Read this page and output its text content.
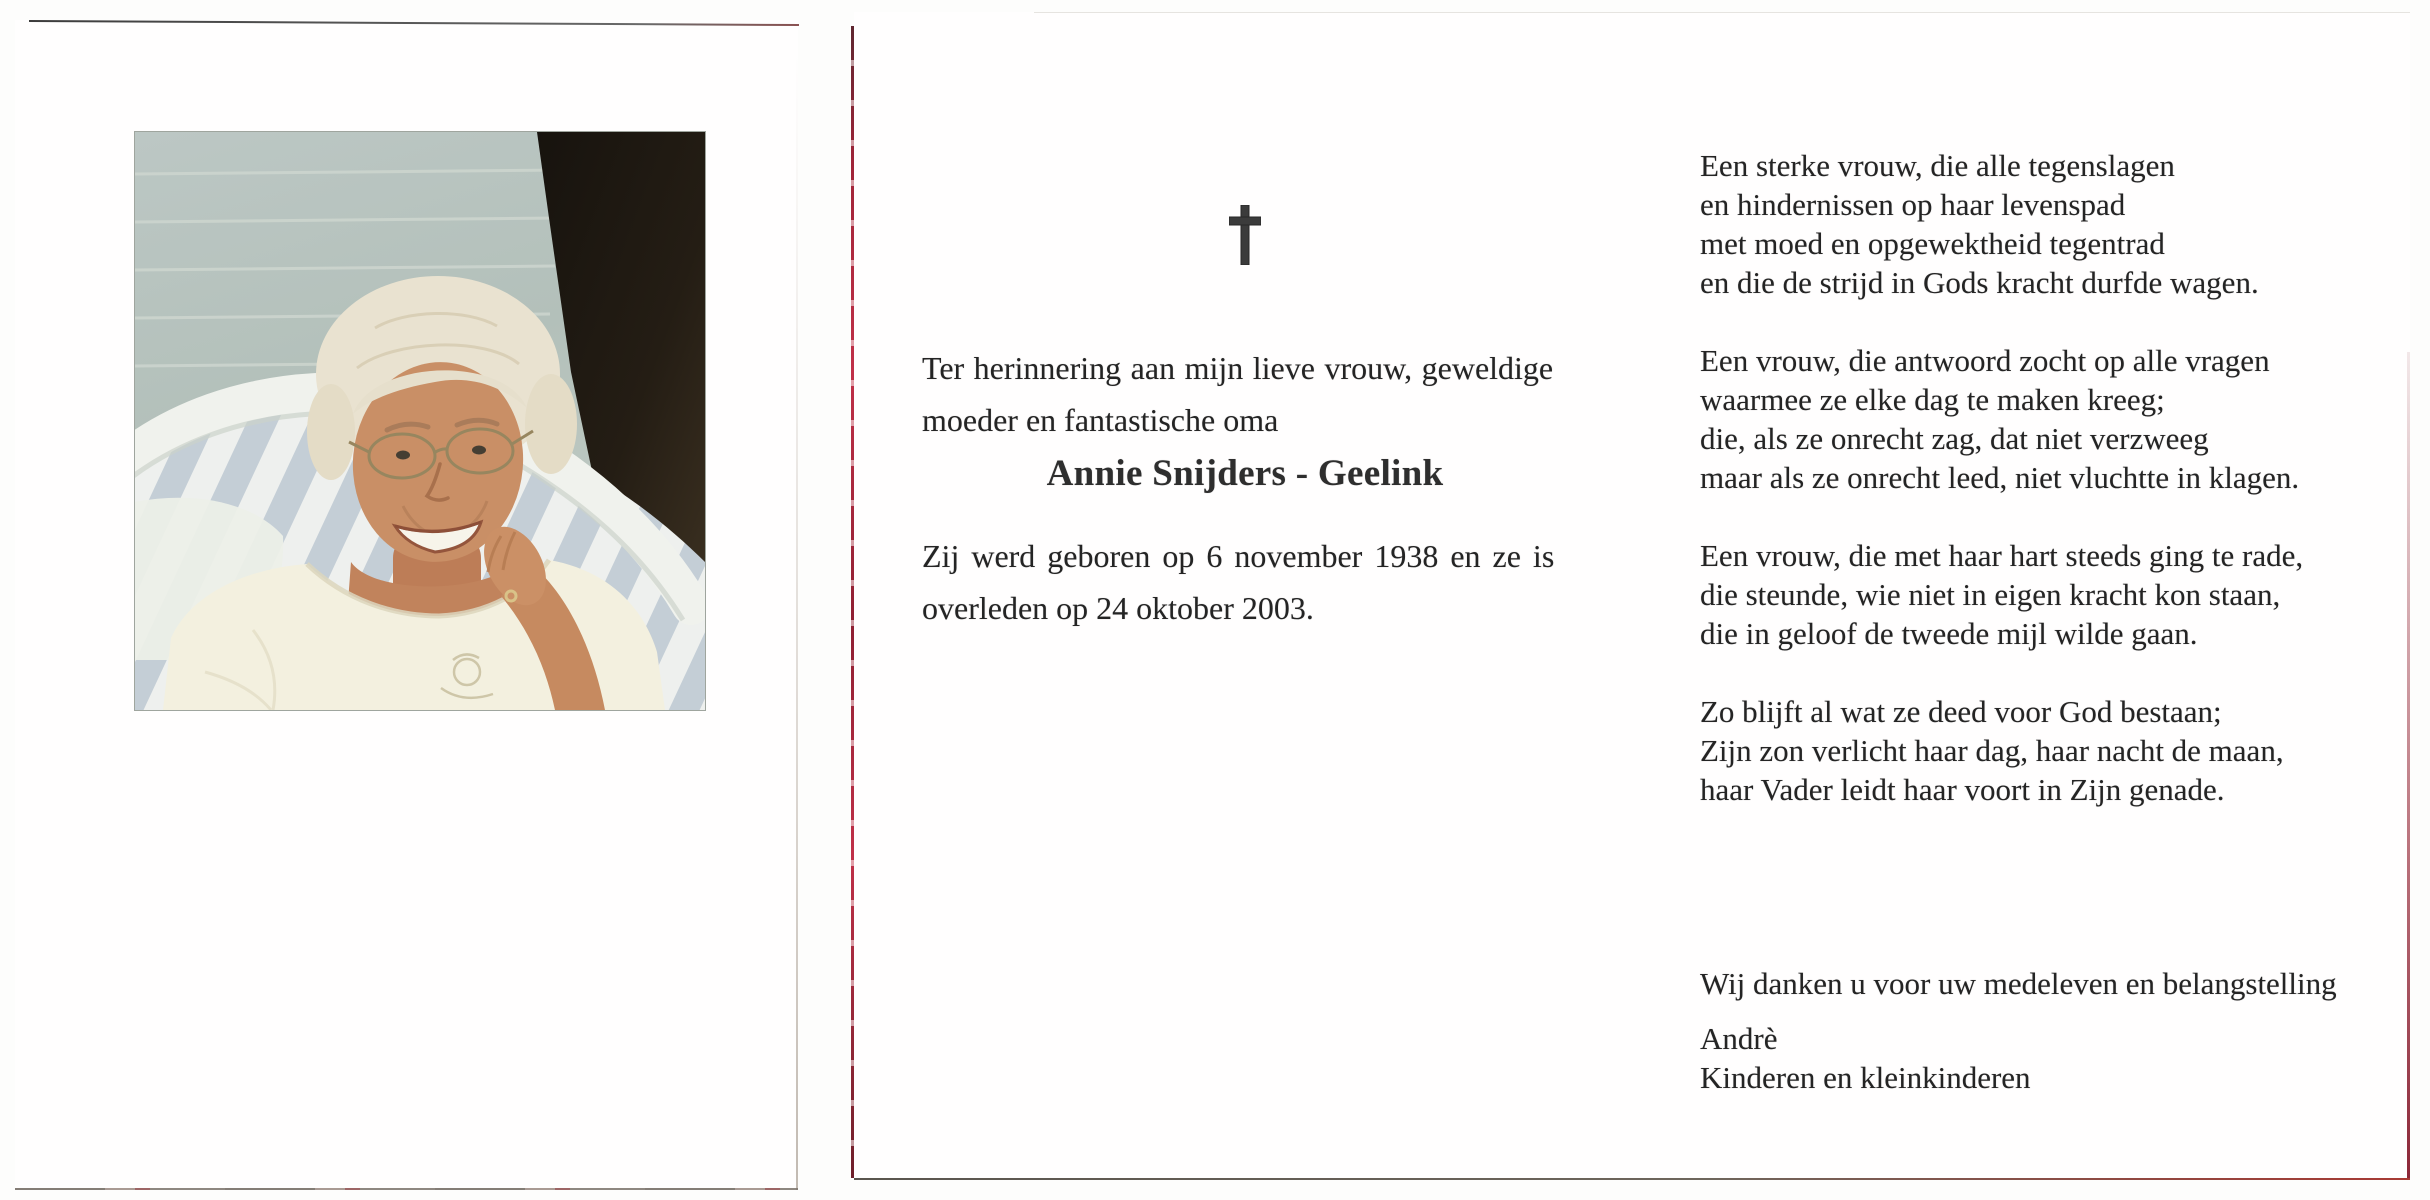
Ter herinnering aan mijn lieve vrouw, geweldige
moeder en fantastische oma
Annie Snijders - Geelink
Zij werd geboren op 6 november 1938 en ze is
overleden op 24 oktober 2003.
Een sterke vrouw, die alle tegenslagen
en hindernissen op haar levenspad
met moed en opgewektheid tegentrad
en die de strijd in Gods kracht durfde wagen.
Een vrouw, die antwoord zocht op alle vragen
waarmee ze elke dag te maken kreeg;
die, als ze onrecht zag, dat niet verzweeg
maar als ze onrecht leed, niet vluchtte in klagen.
Een vrouw, die met haar hart steeds ging te rade,
die steunde, wie niet in eigen kracht kon staan,
die in geloof de tweede mijl wilde gaan.
Zo blijft al wat ze deed voor God bestaan;
Zijn zon verlicht haar dag, haar nacht de maan,
haar Vader leidt haar voort in Zijn genade.
Wij danken u voor uw medeleven en belangstelling
Andrè
Kinderen en kleinkinderen
